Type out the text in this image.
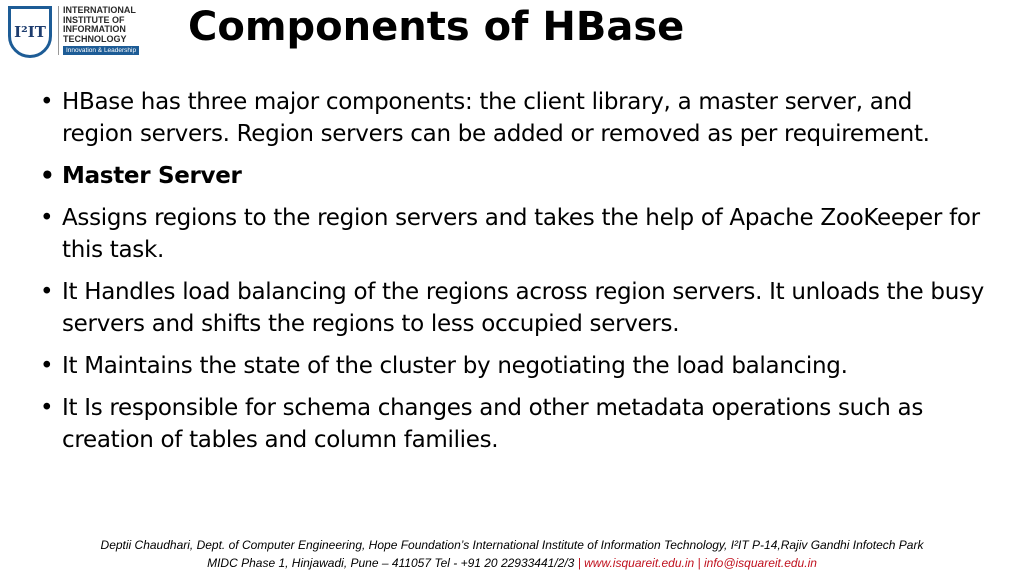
I²IT
INTERNATIONAL
INSTITUTE OF
INFORMATION
TECHNOLOGY
Innovation & Leadership
Components of HBase
• HBase has three major components: the client library, a master server, and region servers. Region servers can be added or removed as per requirement.
• Master Server
• Assigns regions to the region servers and takes the help of Apache ZooKeeper for this task.
• It Handles load balancing of the regions across region servers. It unloads the busy servers and shifts the regions to less occupied servers.
• It Maintains the state of the cluster by negotiating the load balancing.
• It Is responsible for schema changes and other metadata operations such as creation of tables and column families.
Deptii Chaudhari, Dept. of Computer Engineering, Hope Foundation’s International Institute of Information Technology, I²IT P-14,Rajiv Gandhi Infotech Park
MIDC Phase 1, Hinjawadi, Pune – 411057 Tel - +91 20 22933441/2/3 | www.isquareit.edu.in | info@isquareit.edu.in
